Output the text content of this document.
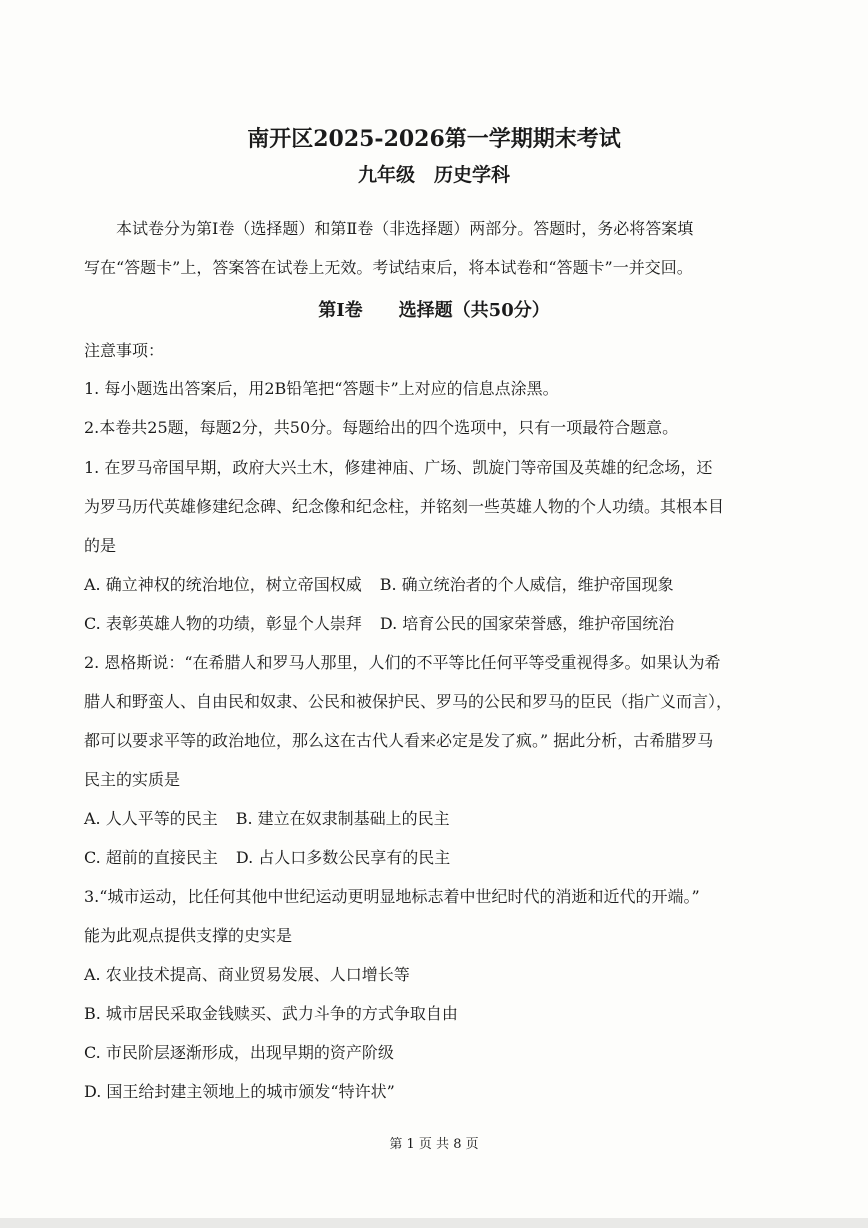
南开区2025-2026第一学期期末考试
九年级　历史学科
本试卷分为第Ⅰ卷（选择题）和第Ⅱ卷（非选择题）两部分。答题时，务必将答案填
写在“答题卡”上，答案答在试卷上无效。考试结束后，将本试卷和“答题卡”一并交回。
第Ⅰ卷　　选择题（共50分）
注意事项：
1. 每小题选出答案后，用2B铅笔把“答题卡”上对应的信息点涂黑。
2.本卷共25题，每题2分，共50分。每题给出的四个选项中，只有一项最符合题意。
1. 在罗马帝国早期，政府大兴土木，修建神庙、广场、凯旋门等帝国及英雄的纪念场，还
为罗马历代英雄修建纪念碑、纪念像和纪念柱，并铭刻一些英雄人物的个人功绩。其根本目
的是
A. 确立神权的统治地位，树立帝国权威 B. 确立统治者的个人威信，维护帝国现象
C. 表彰英雄人物的功绩，彰显个人崇拜 D. 培育公民的国家荣誉感，维护帝国统治
2. 恩格斯说：“在希腊人和罗马人那里，人们的不平等比任何平等受重视得多。如果认为希
腊人和野蛮人、自由民和奴隶、公民和被保护民、罗马的公民和罗马的臣民（指广义而言），
都可以要求平等的政治地位，那么这在古代人看来必定是发了疯。” 据此分析，古希腊罗马
民主的实质是
A. 人人平等的民主 B. 建立在奴隶制基础上的民主
C. 超前的直接民主 D. 占人口多数公民享有的民主
3.“城市运动，比任何其他中世纪运动更明显地标志着中世纪时代的消逝和近代的开端。”
能为此观点提供支撑的史实是
A. 农业技术提高、商业贸易发展、人口增长等
B. 城市居民采取金钱赎买、武力斗争的方式争取自由
C. 市民阶层逐渐形成，出现早期的资产阶级
D. 国王给封建主领地上的城市颁发“特许状”
第 1 页 共 8 页
